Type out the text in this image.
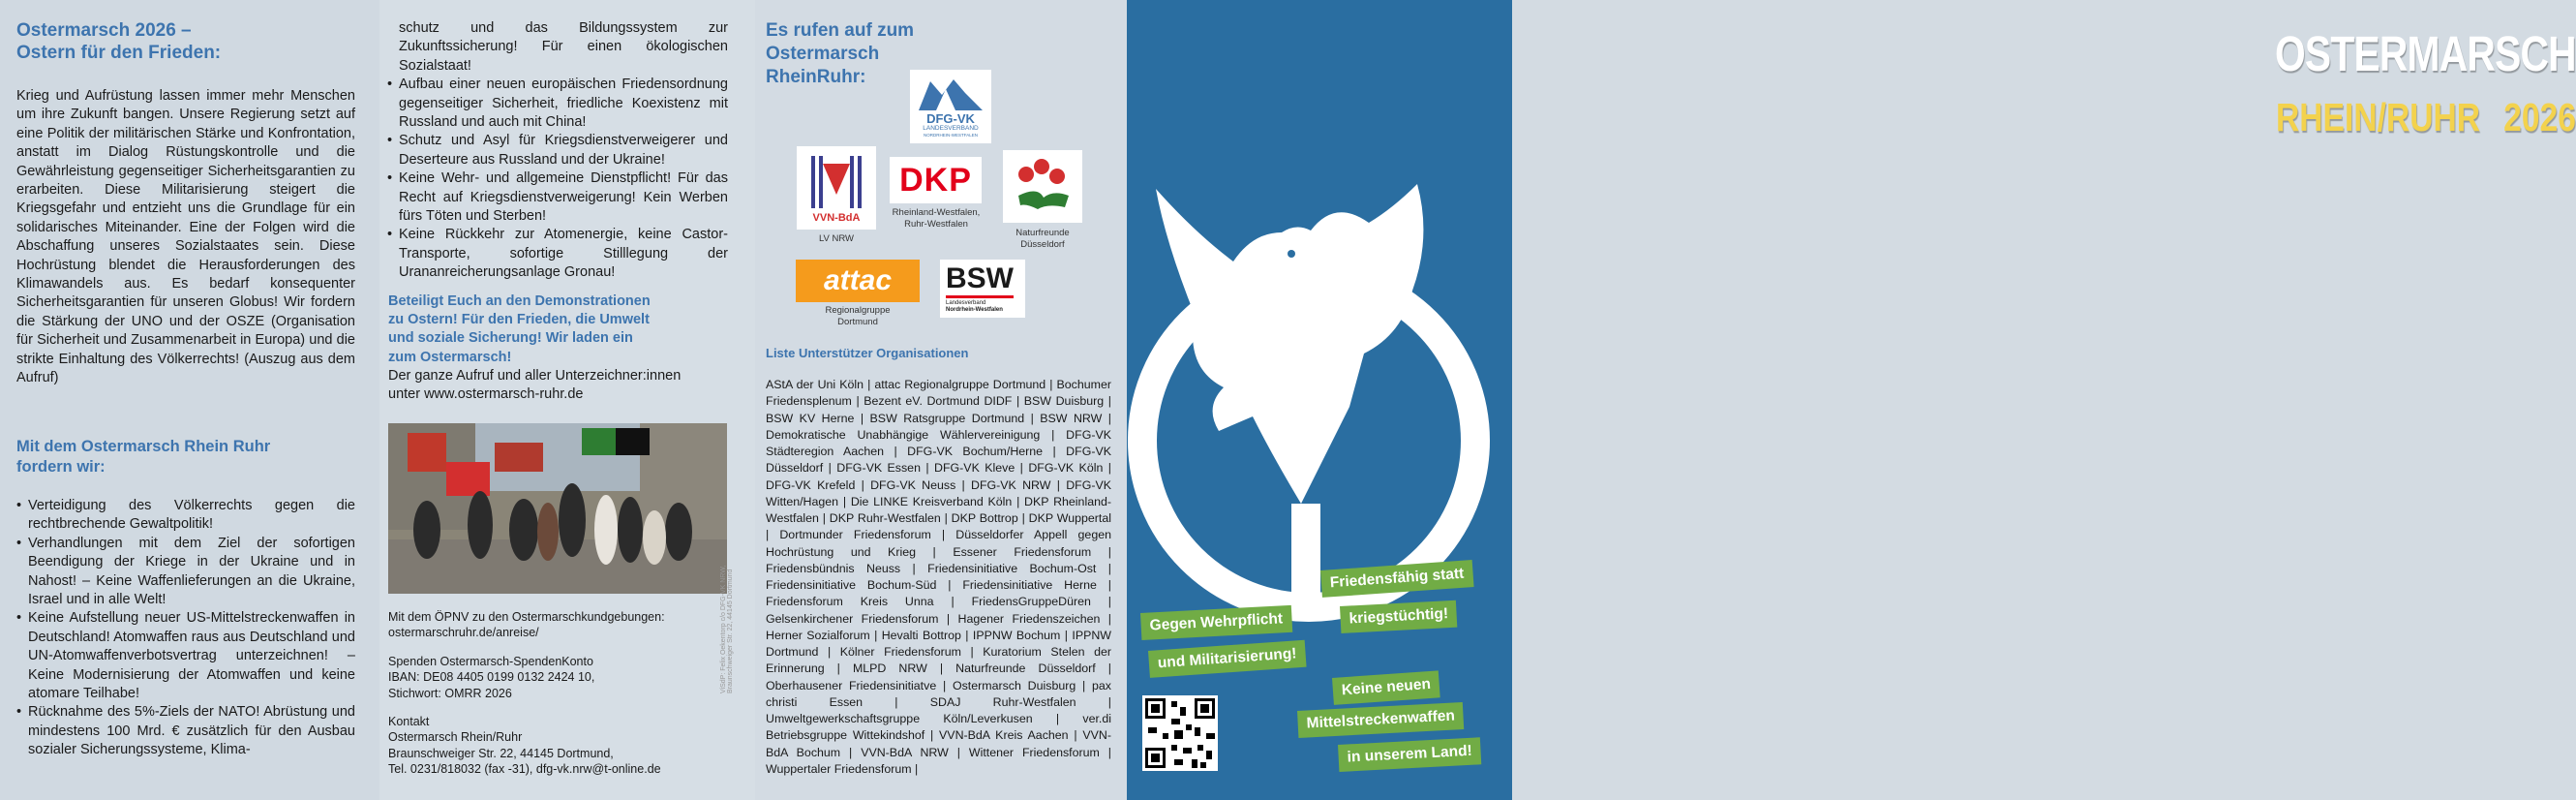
Ostermarsch 2026 –
Ostern für den Frieden:
Krieg und Aufrüstung lassen immer mehr Menschen um ihre Zukunft bangen. Unsere Regierung setzt auf eine Politik der militärischen Stärke und Konfrontation, anstatt im Dialog Rüstungskontrolle und die Gewährleistung gegenseitiger Sicherheitsgarantien zu erarbeiten. Diese Militarisierung steigert die Kriegsgefahr und entzieht uns die Grundlage für ein solidarisches Miteinander. Eine der Folgen wird die Abschaffung unseres Sozialstaates sein. Diese Hochrüstung blendet die Herausforderungen des Klimawandels aus. Es bedarf konsequenter Sicherheitsgarantien für unseren Globus! Wir fordern die Stärkung der UNO und der OSZE (Organisation für Sicherheit und Zusammenarbeit in Europa) und die strikte Einhaltung des Völkerrechts! (Auszug aus dem Aufruf)
Mit dem Ostermarsch Rhein Ruhr
fordern wir:
• Verteidigung des Völkerrechts gegen die rechtbrechende Gewaltpolitik!
• Verhandlungen mit dem Ziel der sofortigen Beendigung der Kriege in der Ukraine und in Nahost! – Keine Waffenlieferungen an die Ukraine, Israel und in alle Welt!
• Keine Aufstellung neuer US-Mittelstreckenwaffen in Deutschland! Atomwaffen raus aus Deutschland und UN-Atomwaffenverbotsvertrag unterzeichnen! – Keine Modernisierung der Atomwaffen und keine atomare Teilhabe!
• Rücknahme des 5%-Ziels der NATO! Abrüstung und mindestens 100 Mrd. € zusätzlich für den Ausbau sozialer Sicherungssysteme, Klima-
schutz und das Bildungssystem zur Zukunftssicherung! Für einen ökologischen Sozialstaat!
• Aufbau einer neuen europäischen Friedensordnung gegenseitiger Sicherheit, friedliche Koexistenz mit Russland und auch mit China!
• Schutz und Asyl für Kriegsdienstverweigerer und Deserteure aus Russland und der Ukraine!
• Keine Wehr- und allgemeine Dienstpflicht! Für das Recht auf Kriegsdienstverweigerung! Kein Werben fürs Töten und Sterben!
• Keine Rückkehr zur Atomenergie, keine Castor-Transporte, sofortige Stilllegung der Urananreicherungsanlage Gronau!
Beteiligt Euch an den Demonstrationen
zu Ostern! Für den Frieden, die Umwelt
und soziale Sicherung! Wir laden ein
zum Ostermarsch!
Der ganze Aufruf und aller Unterzeichner:innen
unter www.ostermarsch-ruhr.de

Mit dem ÖPNV zu den Ostermarschkundgebungen:
ostermarschruhr.de/anreise/

Spenden Ostermarsch-SpendenKonto
IBAN: DE08 4405 0199 0132 2424 10,
Stichwort: OMRR 2026

Kontakt
Ostermarsch Rhein/Ruhr
Braunschweiger Str. 22, 44145 Dortmund,
Tel. 0231/818032 (fax -31), dfg-vk.nrw@t-online.de

ViSdP: Felix Oekentorp c/o DFG-VK NRW, Braunschweiger Str. 22, 44145 Dortmund
Es rufen auf zum
Ostermarsch
RheinRuhr:
DFG-VK
LANDESVERBAND
NORDRHEIN-WESTFALEN
VVN-BdA
LV NRW
DKP
Rheinland-Westfalen,
Ruhr-Westfalen
Naturfreunde
Düsseldorf
attac
Regionalgruppe
Dortmund
BSW
Landesverband
Nordrhein-Westfalen
Liste Unterstützer Organisationen
AStA der Uni Köln | attac Regionalgruppe Dortmund | Bochumer Friedensplenum | Bezent eV. Dortmund DIDF | BSW Duisburg | BSW KV Herne | BSW Ratsgruppe Dortmund | BSW NRW | Demokratische Unabhängige Wählervereinigung | DFG-VK Städteregion Aachen | DFG-VK Bochum/Herne | DFG-VK Düsseldorf | DFG-VK Essen | DFG-VK Kleve | DFG-VK Köln | DFG-VK Krefeld | DFG-VK Neuss | DFG-VK NRW | DFG-VK Witten/Hagen | Die LINKE Kreisverband Köln | DKP Rheinland-Westfalen | DKP Ruhr-Westfalen | DKP Bottrop | DKP Wuppertal | Dortmunder Friedensforum | Düsseldorfer Appell gegen Hochrüstung und Krieg | Essener Friedensforum | Friedensbündnis Neuss | Friedensinitiative Bochum-Ost | Friedensinitiative Bochum-Süd | Friedensinitiative Herne | Friedensforum Kreis Unna | FriedensGruppeDüren | Gelsenkirchener Friedensforum | Hagener Friedenszeichen | Herner Sozialforum | Hevalti Bottrop | IPPNW Bochum | IPPNW Dortmund | Kölner Friedensforum | Kuratorium Stelen der Erinnerung | MLPD NRW | Naturfreunde Düsseldorf | Oberhausener Friedensinitiatve | Ostermarsch Duisburg | pax christi Essen | SDAJ Ruhr-Westfalen | Umweltgewerkschaftsgruppe Köln/Leverkusen | ver.di Betriebsgruppe Wittekindshof | VVN-BdA Kreis Aachen | VVN-BdA Bochum | VVN-BdA NRW | Wittener Friedensforum | Wuppertaler Friedensforum |
OSTERMARSCH
RHEIN/RUHR 2026
Friedensfähig statt
kriegstüchtig!
Gegen Wehrpflicht
und Militarisierung!
Keine neuen
Mittelstreckenwaffen
in unserem Land!
